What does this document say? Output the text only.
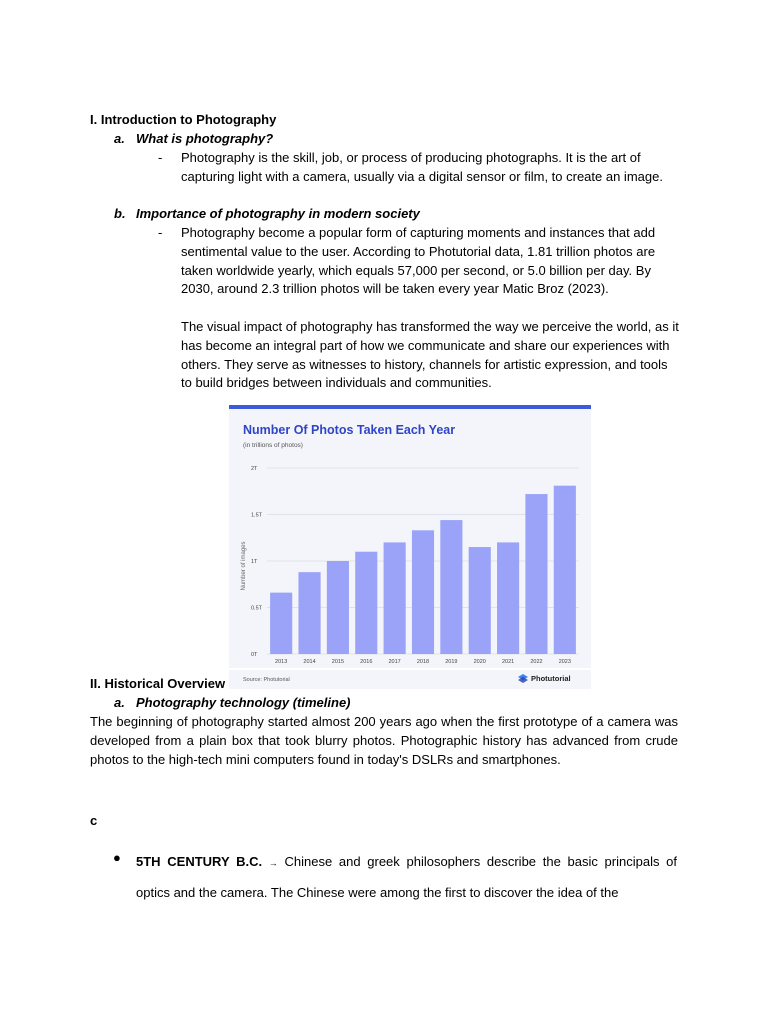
I. Introduction to Photography
a. What is photography?
- Photography is the skill, job, or process of producing photographs. It is the art of capturing light with a camera, usually via a digital sensor or film, to create an image.
b. Importance of photography in modern society
- Photography become a popular form of capturing moments and instances that add sentimental value to the user. According to Photutorial data, 1.81 trillion photos are taken worldwide yearly, which equals 57,000 per second, or 5.0 billion per day. By 2030, around 2.3 trillion photos will be taken every year Matic Broz (2023).
The visual impact of photography has transformed the way we perceive the world, as it has become an integral part of how we communicate and share our experiences with others. They serve as witnesses to history, channels for artistic expression, and tools to build bridges between individuals and communities.
II. Historical Overview
Number Of Photos Taken Each Year
(in trillions of photos)
0T
0.5T
1T
1.5T
2T
2013	2014	2015	2016	2017	2018	2019	2020	2021	2022	2023
Number of images
Source: Photutorial	Photutorial
a. Photography technology (timeline)
The beginning of photography started almost 200 years ago when the first prototype of a camera was developed from a plain box that took blurry photos. Photographic history has advanced from crude photos to the high-tech mini computers found in today's DSLRs and smartphones.
c
● 5TH CENTURY B.C. → Chinese and greek philosophers describe the basic principals of optics and the camera. The Chinese were among the first to discover the idea of the
